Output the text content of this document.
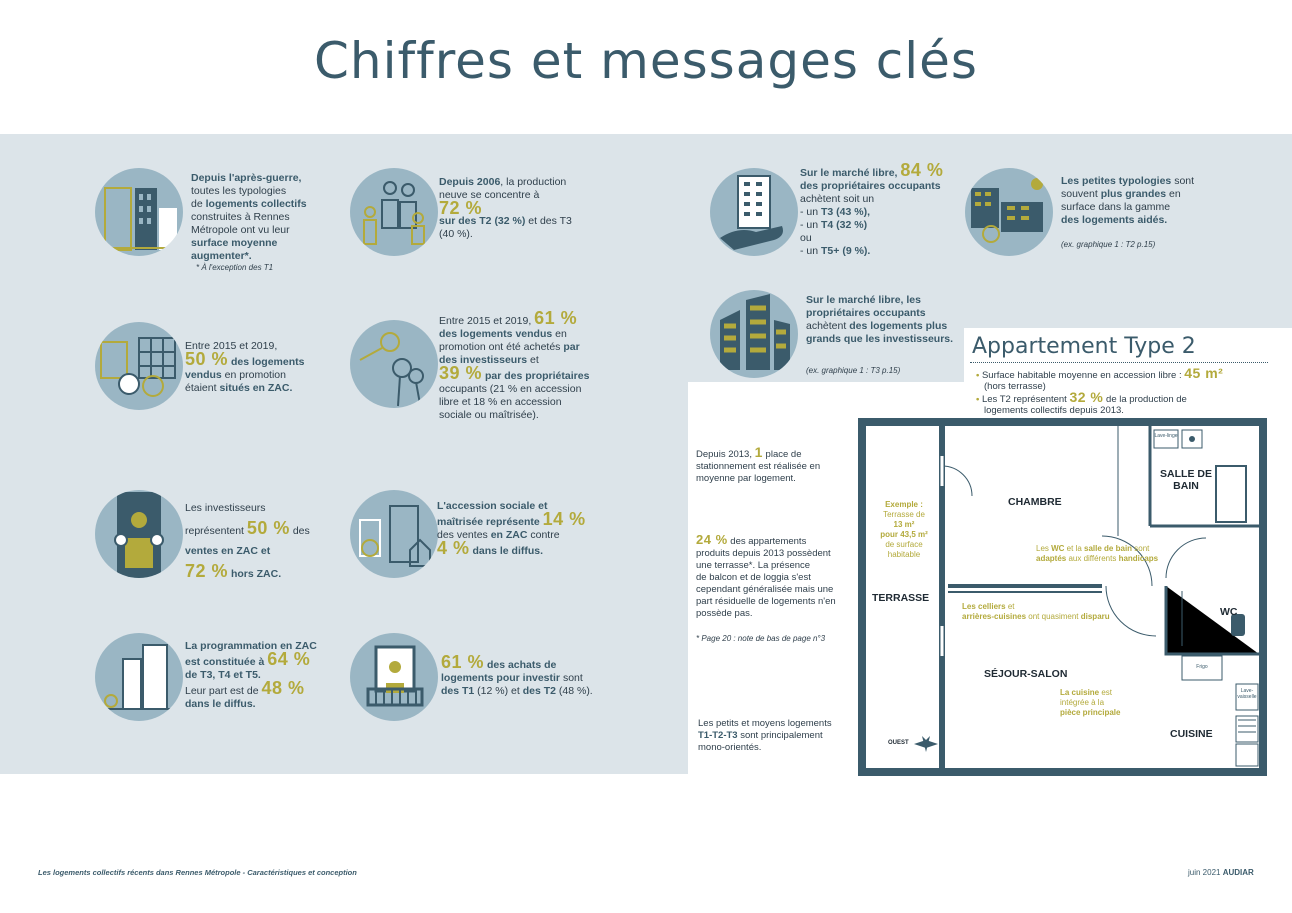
Chiffres et messages clés
Depuis l'après-guerre,
toutes les typologies
de logements collectifs
construites à Rennes
Métropole ont vu leur
surface moyenne
augmenter*.
* À l'exception des T1
Depuis 2006, la production
neuve se concentre à
72 %
sur des T2 (32 %) et des T3
(40 %).
Entre 2015 et 2019,
50 % des logements
vendus en promotion
étaient situés en ZAC.
Entre 2015 et 2019, 61 %
des logements vendus en
promotion ont été achetés par
des investisseurs et
39 % par des propriétaires
occupants (21 % en accession
libre et 18 % en accession
sociale ou maîtrisée).
Les investisseurs
représentent 50 % des
ventes en ZAC et
72 % hors ZAC.
L'accession sociale et
maîtrisée représente 14 %
des ventes en ZAC contre
4 % dans le diffus.
La programmation en ZAC
est constituée à 64 %
de T3, T4 et T5.
Leur part est de 48 %
dans le diffus.
61 % des achats de
logements pour investir sont
des T1 (12 %) et des T2 (48 %).
Sur le marché libre, 84 %
des propriétaires occupants
achètent soit un
- un T3 (43 %),
- un T4 (32 %)
ou
- un T5+ (9 %).
Les petites typologies sont
souvent plus grandes en
surface dans la gamme
des logements aidés.
(ex. graphique 1 : T2 p.15)
Sur le marché libre, les
propriétaires occupants
achètent des logements plus
grands que les investisseurs.
(ex. graphique 1 : T3 p.15)
Appartement Type 2
• Surface habitable moyenne en accession libre : 45 m²
(hors terrasse)
• Les T2 représentent 32 % de la production de
logements collectifs depuis 2013.
Depuis 2013, 1 place de
stationnement est réalisée en
moyenne par logement.
24 % des appartements
produits depuis 2013 possèdent
une terrasse*. La présence
de balcon et de loggia s'est
cependant généralisée mais une
part résiduelle de logements n'en
possède pas.
* Page 20 : note de bas de page n°3
Les petits et moyens logements
T1-T2-T3 sont principalement
mono-orientés.
CHAMBRE
SALLE DE BAIN
WC
TERRASSE
SÉJOUR-SALON
CUISINE
Exemple :
Terrasse de
13 m²
pour 43,5 m²
de surface
habitable
Les WC et la salle de bain sont
adaptés aux différents handicaps
Les celliers et
arrières-cuisines ont quasiment disparu
La cuisine est
intégrée à la
pièce principale
Lave-linge
Frigo
Lave-vaisselle
OUEST
Les logements collectifs récents dans Rennes Métropole - Caractéristiques et conception	juin 2021 AUDIAR
